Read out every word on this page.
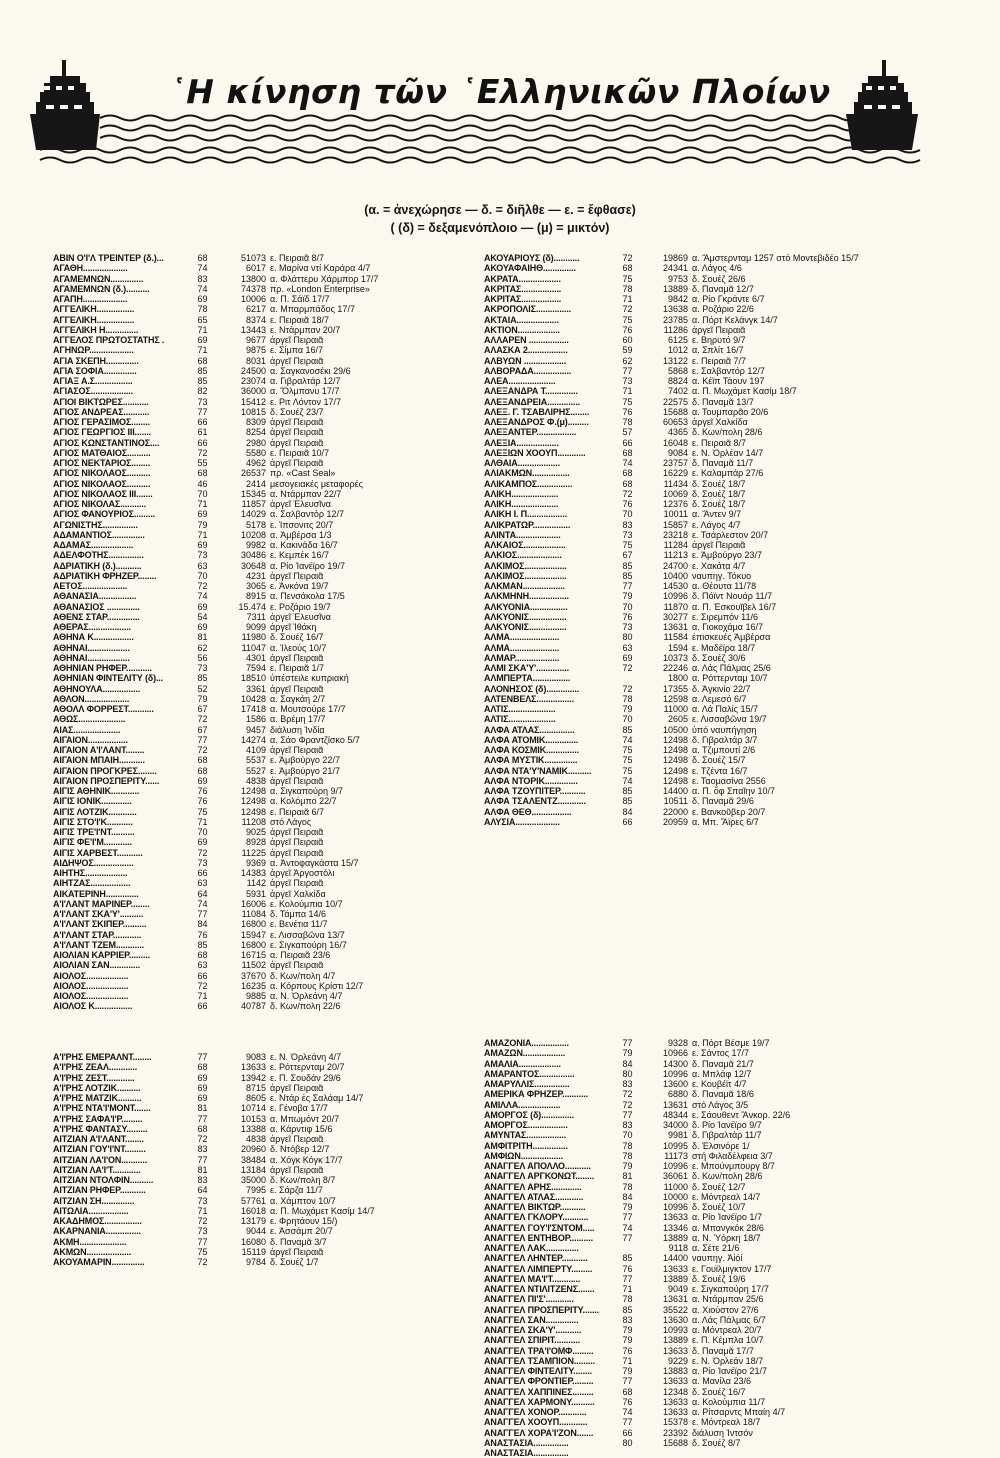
῾Η κίνηση τῶν ῾Ελληνικῶν Πλοίων
(α. = ἀνεχώρησε — δ. = διῆλθε — ε. = ἔφθασε)
( (δ) = δεξαμενόπλοιο — (μ) = μικτόν)
ΑΒΙΝ Ο'Ι'Λ ΤΡΕΙΝΤΕΡ (δ.)...	68	51073 ε. Πειραιᾶ 8/7
ΑΓΑΘΗ...................	74	6017 ε. Μαρίνα ντί Καράρα 4/7
ΑΓΑΜΕΜΝΩΝ..............	83	13800 α. Φλάττερυ Χάρμπορ 17/7
ΑΓΑΜΕΜΝΩΝ (δ.)..........	74	74378 πρ. «London Enterprise»
ΑΓΑΠΗ...................	69	10006 α. Π. Σάϊδ 17/7
ΑΓΓΕΛΙΚΗ................	78	6217 α. Μπαρμπάδος 17/7
ΑΓΓΕΛΙΚΗ................	65	8374 ε. Πειραιᾶ 18/7
ΑΓΓΕΛΙΚΗ Η..............	71	13443 ε. Ντάρμπαν 20/7
ΑΓΓΕΛΟΣ ΠΡΩΤΟΣΤΑΤΗΣ .	69	9677 ἀργεῖ Πειραιᾶ
ΑΓΗΝΩΡ...................	71	9875 ε. Σίμπα 16/7
ΑΓΙΑ ΣΚΕΠΗ..............	68	8031 ἀργεῖ Πειραιᾶ
ΑΓΙΑ ΣΟΦΙΑ..............	85	24500 α. Σαγκανοσέκι 29/6
ΑΓΙΑΞ Α.Σ................	85	23074 α. Γιβραλτάρ 12/7
ΑΓΙΑΣΟΣ..................	82	36000 α. Ὅλμπανυ 17/7
ΑΓΙΟΙ ΒΙΚΤΩΡΕΣ...........	73	15412 ε. Ριτ Λόντον 17/7
ΑΓΙΟΣ ΑΝΔΡΕΑΣ...........	77	10815 δ. Σουέζ 23/7
ΑΓΙΟΣ ΓΕΡΑΣΙΜΟΣ........	66	8309 ἀργεῖ Πειραιᾶ
ΑΓΙΟΣ ΓΕΩΡΓΙΟΣ ΙΙΙ.......	61	8254 ἀργεῖ Πειραιᾶ
ΑΓΙΟΣ ΚΩΝΣΤΑΝΤΙΝΟΣ....	66	2980 ἀργεῖ Πειραιᾶ
ΑΓΙΟΣ ΜΑΤΘΑΙΟΣ..........	72	5580 ε. Πειραιᾶ 10/7
ΑΓΙΟΣ ΝΕΚΤΑΡΙΟΣ........	55	4962 ἀργεῖ Πειραιᾶ
ΑΓΙΟΣ ΝΙΚΟΛΑΟΣ..........	68	26537 πρ. «Cast Seal»
ΑΓΙΟΣ ΝΙΚΟΛΑΟΣ..........	46	2414 μεσογειακές μεταφορές
ΑΓΙΟΣ ΝΙΚΟΛΑΟΣ ΙΙΙ.......	70	15345 α. Ντάρμπαν 22/7
ΑΓΙΟΣ ΝΙΚΟΛΑΣ...........	71	11857 ἀργεῖ Ἐλευσῖνα
ΑΓΙΟΣ ΦΑΝΟΥΡΙΟΣ.........	69	14029 α. Σαλβαντόρ 12/7
ΑΓΩΝΙΣΤΗΣ...............	79	5178 ε. Ἱπσονιτς 20/7
ΑΔΑΜΑΝΤΙΟΣ..............	71	10208 α. Ἀμβέρσα 1/3
ΑΔΑΜΑΣ..................	69	9982 α. Κακινάδα 16/7
ΑΔΕΛΦΟΤΗΣ...............	73	30486 ε. Κεμπέκ 16/7
ΑΔΡΙΑΤΙΚΗ (δ.)...........	63	30648 α. Ρίο Ἰανέϊρο 19/7
ΑΔΡΙΑΤΙΚΗ ΦΡΗΖΕΡ........	70	4231 ἀργεῖ Πειραιᾶ
ΑΕΤΟΣ...................	72	3065 ε. Ἀνκόνα 19/7
ΑΘΑΝΑΣΙΑ................	74	8915 α. Πενσάκολα 17/5
ΑΘΑΝΑΣΙΟΣ ..............	69	15.474 ε. Ροζάριο 19/7
ΑΘΕΝΣ ΣΤΑΡ..............	54	7311 ἀργεῖ Ἐλευσῖνα
ΑΘΕΡΑΣ..................	69	9099 ἀργεῖ Ἰθάκη
ΑΘΗΝΑ Κ.................	81	11980 δ. Σουέζ 16/7
ΑΘΗΝΑΙ..................	62	11047 α. Ἰλεούς 10/7
ΑΘΗΝΑΙ..................	56	4301 ἀργεῖ Πειραιᾶ
ΑΘΗΝΙΑΝ ΡΗΦΕΡ...........	73	7594 ε. Πειραιᾶ 1/7
ΑΘΗΝΙΑΝ ΦΙΝΤΕΛΙΤΥ (δ)...	85	18510 ὑπέστειλε κυπριακή
ΑΘΗΝΟΥΛΑ................	52	3361 ἀργεῖ Πειραιᾶ
ΑΘΛΟΝ...................	79	10428 α. Σαγκάη 2/7
ΑΘΟΛΛ ΦΟΡΡΕΣΤ...........	67	17418 α. Μουτσούρε 17/7
ΑΘΩΣ....................	72	1586 α. Βρέμη 17/7
ΑΙΑΣ....................	67	9457 διάλυση Ἰνδία
ΑΙΓΑΙΟΝ.................	77	14274 α. Σάο Φραντζίσκο 5/7
ΑΙΓΑΙΟΝ Α'Ι'ΛΑΝΤ........	72	4109 ἀργεῖ Πειραιᾶ
ΑΙΓΑΙΟΝ ΜΠΑΙΗ...........	68	5537 ε. Ἀμβούργο 22/7
ΑΙΓΑΙΟΝ ΠΡΟΓΚΡΕΣ........	68	5527 ε. Ἀμβούργο 21/7
ΑΙΓΑΙΟΝ ΠΡΟΣΠΕΡΙΤΥ......	69	4838 ἀργεῖ Πειραιᾶ
ΑΙΓΙΣ ΑΘΗΝΙΚ............	76	12498 α. Σιγκαπούρη 9/7
ΑΙΓΙΣ ΙΟΝΙΚ.............	76	12498 α. Κολόμπο 22/7
ΑΙΓΙΣ ΛΟΤΖΙΚ............	75	12498 ε. Πειραιᾶ 6/7
ΑΙΓΙΣ ΣΤΟ'Ι'Κ...........	71	11208 στό Λάγος
ΑΙΓΙΣ ΤΡΕ'Ι'ΝΤ..........	70	9025 ἀργεῖ Πειραιᾶ
ΑΙΓΙΣ ΦΕ'Ι'Μ............	69	8928 ἀργεῖ Πειραιᾶ
ΑΙΓΙΣ ΧΑΡΒΕΣΤ...........	72	11225 ἀργεῖ Πειραιᾶ
ΑΙΔΗΨΟΣ.................	73	9369 α. Ἀντοφαγκάστα 15/7
ΑΙΗΤΗΣ..................	66	14383 ἀργεῖ Ἀργοστόλι
ΑΙΗΤΖΑΣ.................	63	1142 ἀργεῖ Πειραιᾶ
ΑΙΚΑΤΕΡΙΝΗ..............	64	5931 ἀργεῖ Χαλκίδα
Α'Ι'ΛΑΝΤ ΜΑΡΙΝΕΡ........	74	16006 ε. Κολούμπια 10/7
Α'Ι'ΛΑΝΤ ΣΚΑ'Υ'..........	77	11084 δ. Τάμπα 14/6
Α'Ι'ΛΑΝΤ ΣΚΙΠΕΡ..........	84	16800 ε. Βενέτια 11/7
Α'Ι'ΛΑΝΤ ΣΤΑΡ............	76	15947 ε. Λισσαβῶνα 13/7
Α'Ι'ΛΑΝΤ ΤΖΕΜ............	85	16800 ε. Σιγκαπούρη 16/7
ΑΙΟΛΙΑΝ ΚΑΡΡΙΕΡ.........	68	16715 α. Πειραιᾶ 23/6
ΑΙΟΛΙΑΝ ΣΑΝ.............	63	11502 ἀργεῖ Πειραιᾶ
ΑΙΟΛΟΣ..................	66	37670 δ. Κων/πολη 4/7
ΑΙΟΛΟΣ..................	72	16235 α. Κόρπους Κρίστι 12/7
ΑΙΟΛΟΣ..................	71	9885 α. Ν. Ὀρλεάνη 4/7
ΑΙΟΛΟΣ Κ................	66	40787 δ. Κων/πολη 22/6
Α'Ι'ΡΗΣ ΕΜΕΡΑΛΝΤ........	77	9083 ε. Ν. Ὀρλεάνη 4/7
Α'Ι'ΡΗΣ ΖΕΑΛ............	68	13633 ε. Ρόττερνταμ 20/7
Α'Ι'ΡΗΣ ΖΕΣΤ............	69	13942 ε. Π. Σουδάν 29/6
Α'Ι'ΡΗΣ ΛΟΤΖΙΚ..........	69	8715 ἀργεῖ Πειραιᾶ
Α'Ι'ΡΗΣ ΜΑΤΖΙΚ..........	69	8605 ε. Ντάρ ἐς Σαλάαμ 14/7
Α'Ι'ΡΗΣ ΝΤΑ'Ι'ΜΟΝΤ.......	81	10714 ε. Γένοβα 17/7
Α'Ι'ΡΗΣ ΣΑΦΑ'Ι'Ρ.........	77	10153 α. Μπωμόντ 20/7
Α'Ι'ΡΗΣ ΦΑΝΤΑΣΥ.........	68	13388 α. Κάρντιφ 15/6
ΑΙΤΖΙΑΝ Α'Ι'ΛΑΝΤ........	72	4838 ἀργεῖ Πειραιᾶ
ΑΙΤΖΙΑΝ ΓΟΥ'Ι'ΝΤ.........	83	20960 δ. Ντόβερ 12/7
ΑΙΤΖΙΑΝ ΛΑ'Ι'ΟΝ...........	77	38484 α. Χόγκ Κόγκ 17/7
ΑΙΤΖΙΑΝ ΛΑ'Ι'Τ............	81	13184 ἀργεῖ Πειραιᾶ
ΑΙΤΖΙΑΝ ΝΤΟΛΦΙΝ..........	83	35000 δ. Κων/πολη 8/7
ΑΙΤΖΙΑΝ ΡΗΦΕΡ...........	64	7995 ε. Σάρζα 11/7
ΑΙΤΖΙΑΝ ΣΗ..............	73	57761 α. Χάμπτον 10/7
ΑΙΤΩΛΙΑ.................	71	16018 α. Π. Μωχάμετ Κασίμ 14/7
ΑΚΑΔΗΜΟΣ................	72	13179 ε. Φρητάουν 15/)
ΑΚΑΡΝΑΝΙΑ...............	73	9044 ε. Ἀσσάμπ 20/7
ΑΚΜΗ....................	77	16080 δ. Παναμᾶ 3/7
ΑΚΜΩΝ...................	75	15119 ἀργεῖ Πειραιᾶ
ΑΚΟΥΑΜΑΡΙΝ..............	72	9784 δ. Σουέζ 1/7
ΑΚΟΥΑΡΙΟΥΣ (δ)...........	72	19869 α. Ἄμστερνταμ 1257 στό Μοντεβιδέο 15/7
ΑΚΟΥΑΦΑΙΗΘ..............	68	24341 α. Λάγος 4/6
ΑΚΡΑΤΑ..................	75	9753 δ. Σουέζ 26/6
ΑΚΡΙΤΑΣ.................	78	13889 δ. Παναμᾶ 12/7
ΑΚΡΙΤΑΣ.................	71	9842 α. Ρίο Γκράντε 6/7
ΑΚΡΟΠΟΛΙΣ...............	72	13638 α. Ροζάριο 22/6
ΑΚΤΑΙΑ..................	75	23785 α. Πόρτ Κελάνγκ 14/7
ΑΚΤΙΟΝ..................	76	11286 ἀργεῖ Πειραιᾶ
ΑΛΛΑΡΕΝ .................	60	6125 ε. Βηρυτό 9/7
ΑΛΑΣΚΑ 2.................	59	1012 α. Σπλίτ 16/7
ΑΛΒΥΩΝ ..................	62	13122 ε. Πειραιᾶ 7/7
ΑΛΒΟΡΑΔΑ................	77	5868 ε. Σαλβαντόρ 12/7
ΑΛΕΑ....................	73	8824 α. Κέϊπ Τάουν 197
ΑΛΕΞΑΝΔΡΑ Τ..............	71	7402 α. Π. Μωχάμετ Κασίμ 18/7
ΑΛΕΞΑΝΔΡΕΙΑ..............	75	22575 δ. Παναμᾶ 13/7
ΑΛΕΞ. Γ. ΤΣΑΒΛΙΡΗΣ........	76	15688 α. Τουμπαρᾶο 20/6
ΑΛΕΞΑΝΔΡΟΣ Φ.(μ).........	78	60653 ἀργεῖ Χαλκίδα
ΑΛΕΞΑΝΤΕΡ.................	57	4365 δ. Κων/πολη 28/6
ΑΛΕΞΙΑ..................	66	16048 ε. Πειραιᾶ 8/7
ΑΛΕΞΙΩΝ ΧΟΟΥΠ............	68	9084 ε. Ν. Ὀρλέαν 14/7
ΑΛΘΑΙΑ..................	74	23757 δ. Παναμᾶ 11/7
ΑΛΙΑΚΜΩΝ................	68	16229 ε. Καλαμπάρ 27/6
ΑΛΙΚΑΜΠΟΣ...............	68	11434 δ. Σουέζ 18/7
ΑΛΙΚΗ....................	72	10069 δ. Σουέζ 18/7
ΑΛΙΚΗ....................	76	12376 δ. Σουέζ 18/7
ΑΛΙΚΗ Ι. Π.................	70	10011 α. Ἄντεν 9/7
ΑΛΙΚΡΑΤΩΡ................	83	15857 ε. Λάγος 4/7
ΑΛΙΝΤΑ...................	73	23218 ε. Τσάρλεστον 20/7
ΑΛΚΑΙΟΣ..................	75	11284 ἀργεῖ Πειραιᾶ
ΑΛΚΙΟΣ...................	67	11213 ε. Ἀμβούργο 23/7
ΑΛΚΙΜΟΣ..................	85	24700 ε. Χακάτα 4/7
ΑΛΚΙΜΟΣ..................	85	10400 ναυπηγ. Τόκυο
ΑΛΚΜΑΝ..................	77	14530 α. Θέουτα 11/78
ΑΛΚΜΗΝΗ.................	79	10996 δ. Πόϊντ Νουάρ 11/7
ΑΛΚΥΟΝΙΑ................	70	11870 α. Π. Ἐσκουῖβελ 16/7
ΑΛΚΥΟΝΙΣ................	76	30277 ε. Σιρεμπόν 11/6
ΑΛΚΥΟΝΙΣ................	73	13631 α. Γιοκοχάμα 16/7
ΑΛΜΑ.....................	80	11584 ἐπισκευές Ἀμβέρσα
ΑΛΜΑ.....................	63	1594 ε. Μαδέϊρα 18/7
ΑΛΜΑΡ...................	69	10373 δ. Σουέζ 30/6
ΑΛΜΙ ΣΚΑ'Υ'..............	72	22246 α. Λάς Πάλμας 25/6
ΑΛΜΠΕΡΤΑ................	1800 α. Ρόττερνταμ 10/7
ΑΛΟΝΗΣΟΣ (δ)..............	72	17355 δ. Ἀγκινίο 22/7
ΑΛΤΕΝΒΕΛΣ................	78	12598 α. Λεμεσό 6/7
ΑΛΤΙΣ....................	79	11000 α. Λά Παλίς 15/7
ΑΛΤΙΣ....................	70	2605 ε. Λισσαβῶνα 19/7
ΑΛΦΑ ΑΤΛΑΣ...............	85	10500 ὑπό ναυπήγηση
ΑΛΦΑ ΑΤΟΜΙΚ..............	74	12498 δ. Γιβραλτάρ 3/7
ΑΛΦΑ ΚΟΣΜΙΚ..............	75	12498 α. Τζιμπουτί 2/6
ΑΛΦΑ ΜΥΣΤΙΚ..............	75	12498 δ. Σουέζ 15/7
ΑΛΦΑ ΝΤΑ'Υ'ΝΑΜΙΚ..........	75	12498 ε. Τζέντα 16/7
ΑΛΦΑ ΝΤΟΡΙΚ..............	74	12498 ε. Ταομασίνα 2556
ΑΛΦΑ ΤΖΟΥΠΙΤΕΡ...........	85	14400 α. Π. ὄφ Σπαῖην 10/7
ΑΛΦΑ ΤΣΑΛΕΝΤΖ............	85	10511 δ. Παναμᾶ 29/6
ΑΛΦΑ ΘΕΘ.................	84	22000 ε. Βανκοῦβερ 20/7
ΑΛΥΣΙΑ...................	66	20959 α. Μπ. Ἄϊρες 6/7
ΑΜΑΖΟΝΙΑ................	77	9328 α. Πόρτ Βέσμε 19/7
ΑΜΑΖΩΝ..................	79	10966 ε. Σάντος 17/7
ΑΜΑΛΙΑ..................	84	14300 δ. Παναμᾶ 21/7
ΑΜΑΡΑΝΤΟΣ...............	80	10996 α. Μπλάφ 12/7
ΑΜΑΡΥΛΛΙΣ...............	83	13600 ε. Κουβέϊτ 4/7
ΑΜΕΡΙΚΑ ΦΡΗΖΕΡ...........	72	6880 δ. Παναμᾶ 18/6
ΑΜΙΛΛΑ..................	72	13631 στό Λάγος 3/5
ΑΜΟΡΓΟΣ (δ)..............	77	48344 ε. Σάουθεντ Ἄνκορ. 22/6
ΑΜΟΡΓΟΣ.................	83	34000 δ. Ρίο Ἰανέϊρο 9/7
ΑΜΥΝΤΑΣ.................	70	9981 δ. Γιβραλτάρ 11/7
ΑΜΦΙΤΡΙΤΗ...............	78	10995 δ. Ἐλσινόρε 1/
ΑΜΦΙΩΝ..................	78	11173 στή Φιλαδέλφεια 3/7
ΑΝΑΓΓΕΛ ΑΠΟΛΛΟ...........	79	10996 ε. Μπούνμπουργ 8/7
ΑΝΑΓΓΕΛ ΑΡΓΚΟΝΩΤ........	81	36061 δ. Κων/πολη 28/6
ΑΝΑΓΓΕΛ ΑΡΗΣ.............	78	11000 δ. Σουέζ 12/7
ΑΝΑΓΓΕΛ ΑΤΛΑΣ............	84	10000 ε. Μόντρεαλ 14/7
ΑΝΑΓΓΕΛ ΒΙΚΤΩΡ...........	79	10996 δ. Σουέζ 10/7
ΑΝΑΓΓΕΛ ΓΚΛΟΡΥ...........	77	13633 α. Ρίο Ἰανέϊρο 1/7
ΑΝΑΓΓΕΛ ΓΟΥ'Ι'ΣΝΤΟΜ.....	74	13346 α. Μπανγκόκ 28/6
ΑΝΑΓΓΕΛ ΕΝΤΗΒΟΡ..........	77	13889 α. Ν. Ὑόρκη 18/7
ΑΝΑΓΓΕΛ ΛΑΚ..............	9118 α. Σέτε 21/6
ΑΝΑΓΓΕΛ ΛΗΝΤΕΡ...........	85	14400 ναυπηγ. Ἀἰόί
ΑΝΑΓΓΕΛ ΛΙΜΠΕΡΤΥ.........	76	13633 ε. Γουϊλμιγκτον 17/7
ΑΝΑΓΓΕΛ ΜΑ'Ι'Τ............	77	13889 δ. Σουέζ 19/6
ΑΝΑΓΓΕΛ ΝΤΙΛΙΤΖΕΝΣ.......	71	9049 ε. Σιγκαπούρη 17/7
ΑΝΑΓΓΕΛ ΠΙ'Σ'............	78	13631 α. Ντάρμπαν 25/6
ΑΝΑΓΓΕΛ ΠΡΟΣΠΕΡΙΤΥ.......	85	35522 α. Χιούστον 27/6
ΑΝΑΓΓΕΛ ΣΑΝ..............	83	13630 α. Λάς Πάλμας 6/7
ΑΝΑΓΓΕΛ ΣΚΑ'Υ'...........	79	10993 α. Μόντρεαλ 20/7
ΑΝΑΓΓΕΛ ΣΠΙΡΙΤ...........	79	13889 ε. Π. Κέμπλα 10/7
ΑΝΑΓΓΕΛ ΤΡΑ'Ι'ΟΜΦ.........	76	13633 δ. Παναμᾶ 17/7
ΑΝΑΓΓΕΛ ΤΣΑΜΠΙΟΝ.........	71	9229 ε. Ν. Ὀρλεάν 18/7
ΑΝΑΓΓΕΛ ΦΙΝΤΕΛΙΤΥ........	79	13883 α. Ρίο Ἰανέϊρο 21/7
ΑΝΑΓΓΕΛ ΦΡΟΝΤΙΕΡ.........	77	13633 α. Μανίλα 23/6
ΑΝΑΓΓΕΛ ΧΑΠΠΙΝΕΣ.........	68	12348 δ. Σουέζ 16/7
ΑΝΑΓΓΕΛ ΧΑΡΜΟΝΥ..........	76	13633 α. Κολούμπια 11/7
ΑΝΑΓΓΕΛ ΧΟΝΟΡ............	74	13633 α. Ρίτσαρντς Μπαίη 4/7
ΑΝΑΓΓΕΛ ΧΟΟΥΠ............	77	15378 ε. Μόντρεαλ 18/7
ΑΝΑΓΓΕΛ ΧΟΡΑ'Ι'ΖΟΝ.......	66	23392 διάλυση Ἰντσόν
ΑΝΑΣΤΑΣΙΑ...............	80	15688 δ. Σουέζ 8/7
ΑΝΑΣΤΑΣΙΑ...............
